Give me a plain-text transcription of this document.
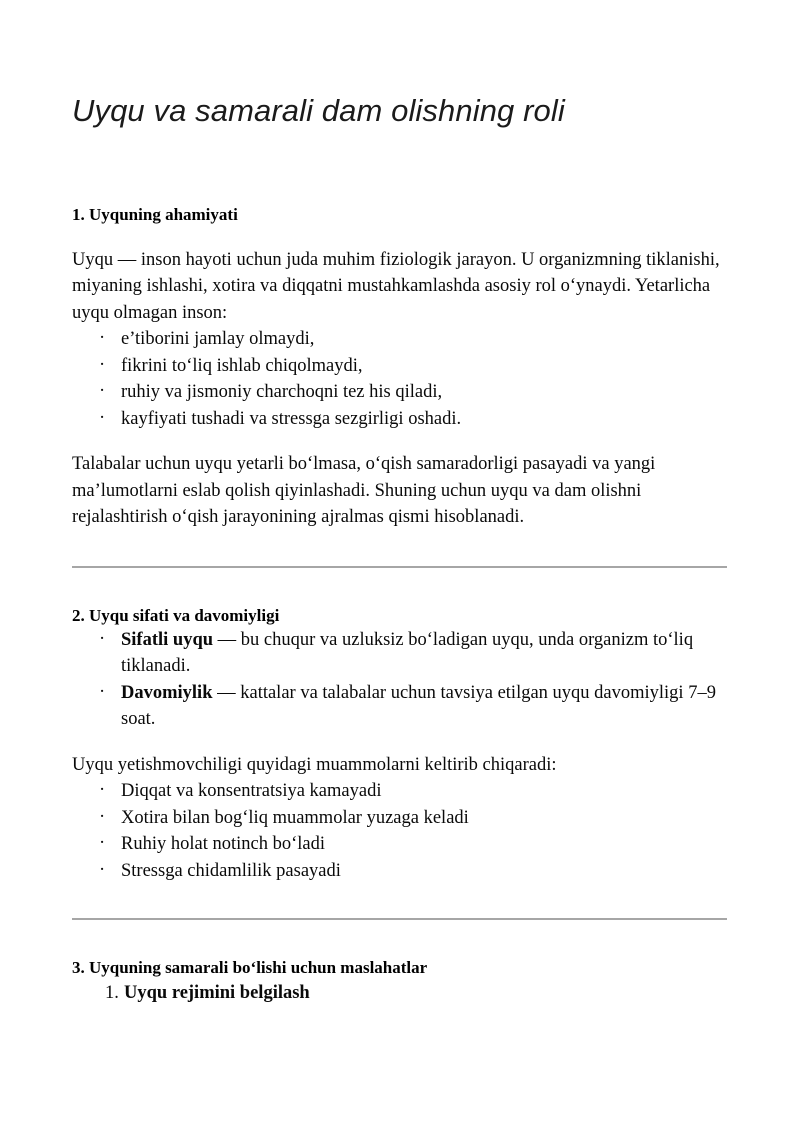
Uyqu va samarali dam olishning roli
1. Uyquning ahamiyati

Uyqu — inson hayoti uchun juda muhim fiziologik jarayon. U organizmning tiklanishi, miyaning ishlashi, xotira va diqqatni mustahkamlashda asosiy rol o‘ynaydi. Yetarlicha uyqu olmagan inson:

· e’tiborini jamlay olmaydi,
· fikrini to‘liq ishlab chiqolmaydi,
· ruhiy va jismoniy charchoqni tez his qiladi,
· kayfiyati tushadi va stressga sezgirligi oshadi.

Talabalar uchun uyqu yetarli bo‘lmasa, o‘qish samaradorligi pasayadi va yangi ma’lumotlarni eslab qolish qiyinlashadi. Shuning uchun uyqu va dam olishni rejalashtirish o‘qish jarayonining ajralmas qismi hisoblanadi.

2. Uyqu sifati va davomiyligi
· Sifatli uyqu — bu chuqur va uzluksiz bo‘ladigan uyqu, unda organizm to‘liq tiklanadi.
· Davomiylik — kattalar va talabalar uchun tavsiya etilgan uyqu davomiyligi 7–9 soat.

Uyqu yetishmovchiligi quyidagi muammolarni keltirib chiqaradi:

· Diqqat va konsentratsiya kamayadi
· Xotira bilan bog‘liq muammolar yuzaga keladi
· Ruhiy holat notinch bo‘ladi
· Stressga chidamlilik pasayadi
3. Uyquning samarali bo‘lishi uchun maslahatlar
1. Uyqu rejimini belgilash
